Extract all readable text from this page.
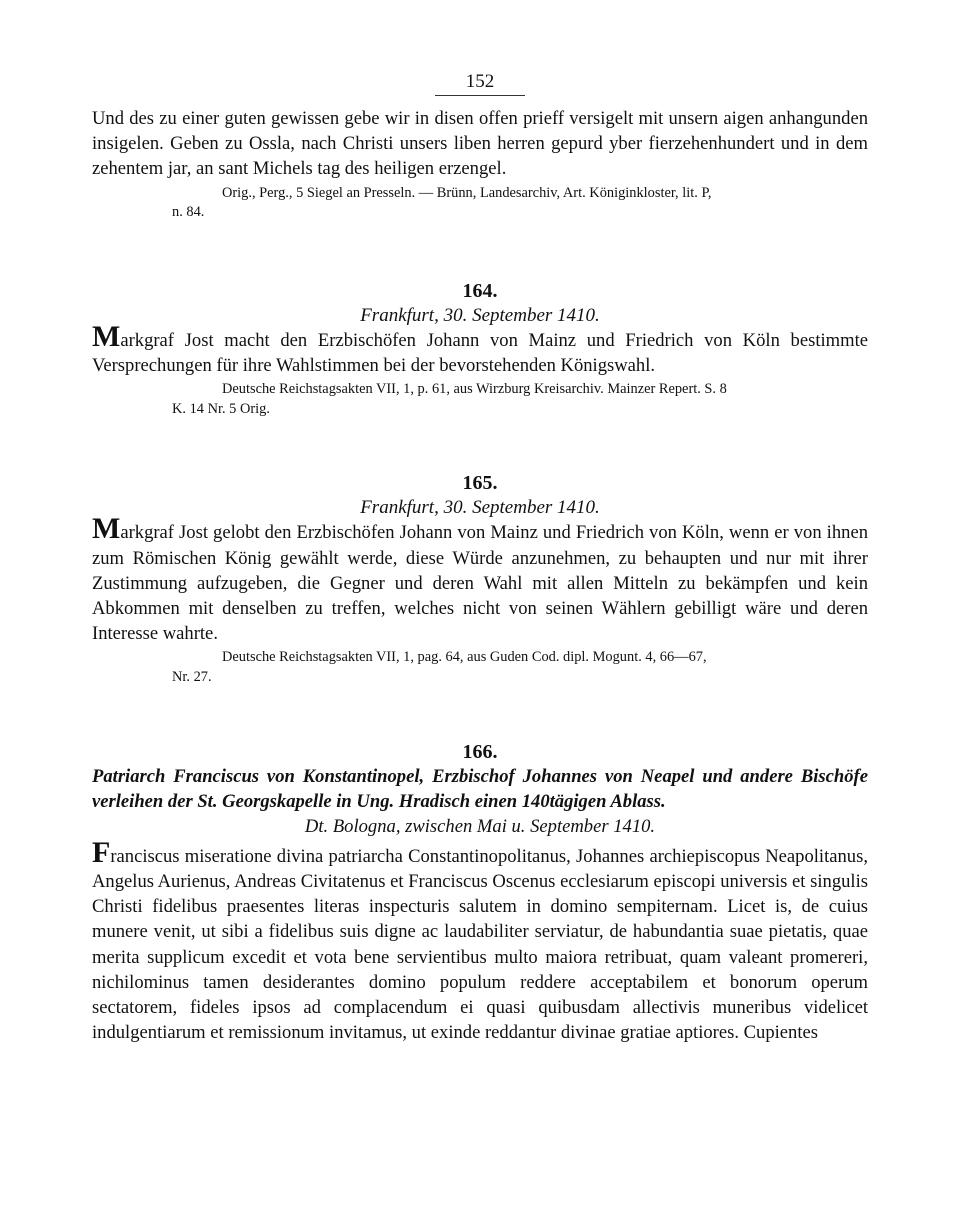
152

Und des zu einer guten gewissen gebe wir in disen offen prieff versigelt mit unsern aigen anhangunden insigelen. Geben zu Ossla, nach Christi unsers liben herren gepurd yber fierzehenhundert und in dem zehentem jar, an sant Michels tag des heiligen erzengel.

Orig., Perg., 5 Siegel an Presseln. — Brünn, Landesarchiv, Art. Königinkloster, lit. P,
n. 84.

164.

Frankfurt, 30. September 1410.

Markgraf Jost macht den Erzbischöfen Johann von Mainz und Friedrich von Köln bestimmte Versprechungen für ihre Wahlstimmen bei der bevorstehenden Königswahl.

Deutsche Reichstagsakten VII, 1, p. 61, aus Wirzburg Kreisarchiv. Mainzer Repert. S. 8
K. 14 Nr. 5 Orig.

165.

Frankfurt, 30. September 1410.

Markgraf Jost gelobt den Erzbischöfen Johann von Mainz und Friedrich von Köln, wenn er von ihnen zum Römischen König gewählt werde, diese Würde anzunehmen, zu behaupten und nur mit ihrer Zustimmung aufzugeben, die Gegner und deren Wahl mit allen Mitteln zu bekämpfen und kein Abkommen mit denselben zu treffen, welches nicht von seinen Wählern gebilligt wäre und deren Interesse wahrte.

Deutsche Reichstagsakten VII, 1, pag. 64, aus Guden Cod. dipl. Mogunt. 4, 66—67,
Nr. 27.

166.

Patriarch Franciscus von Konstantinopel, Erzbischof Johannes von Neapel und andere Bischöfe verleihen der St. Georgskapelle in Ung. Hradisch einen 140tägigen Ablass.
Dt. Bologna, zwischen Mai u. September 1410.

Franciscus miseratione divina patriarcha Constantinopolitanus, Johannes archiepiscopus Neapolitanus, Angelus Aurienus, Andreas Civitatenus et Franciscus Oscenus ecclesiarum episcopi universis et singulis Christi fidelibus praesentes literas inspecturis salutem in domino sempiternam. Licet is, de cuius munere venit, ut sibi a fidelibus suis digne ac laudabiliter serviatur, de habundantia suae pietatis, quae merita supplicum excedit et vota bene servientibus multo maiora retribuat, quam valeant promereri, nichilominus tamen desiderantes domino populum reddere acceptabilem et bonorum operum sectatorem, fideles ipsos ad complacendum ei quasi quibusdam allectivis muneribus videlicet indulgentiarum et remissionum invitamus, ut exinde reddantur divinae gratiae aptiores. Cupientes
